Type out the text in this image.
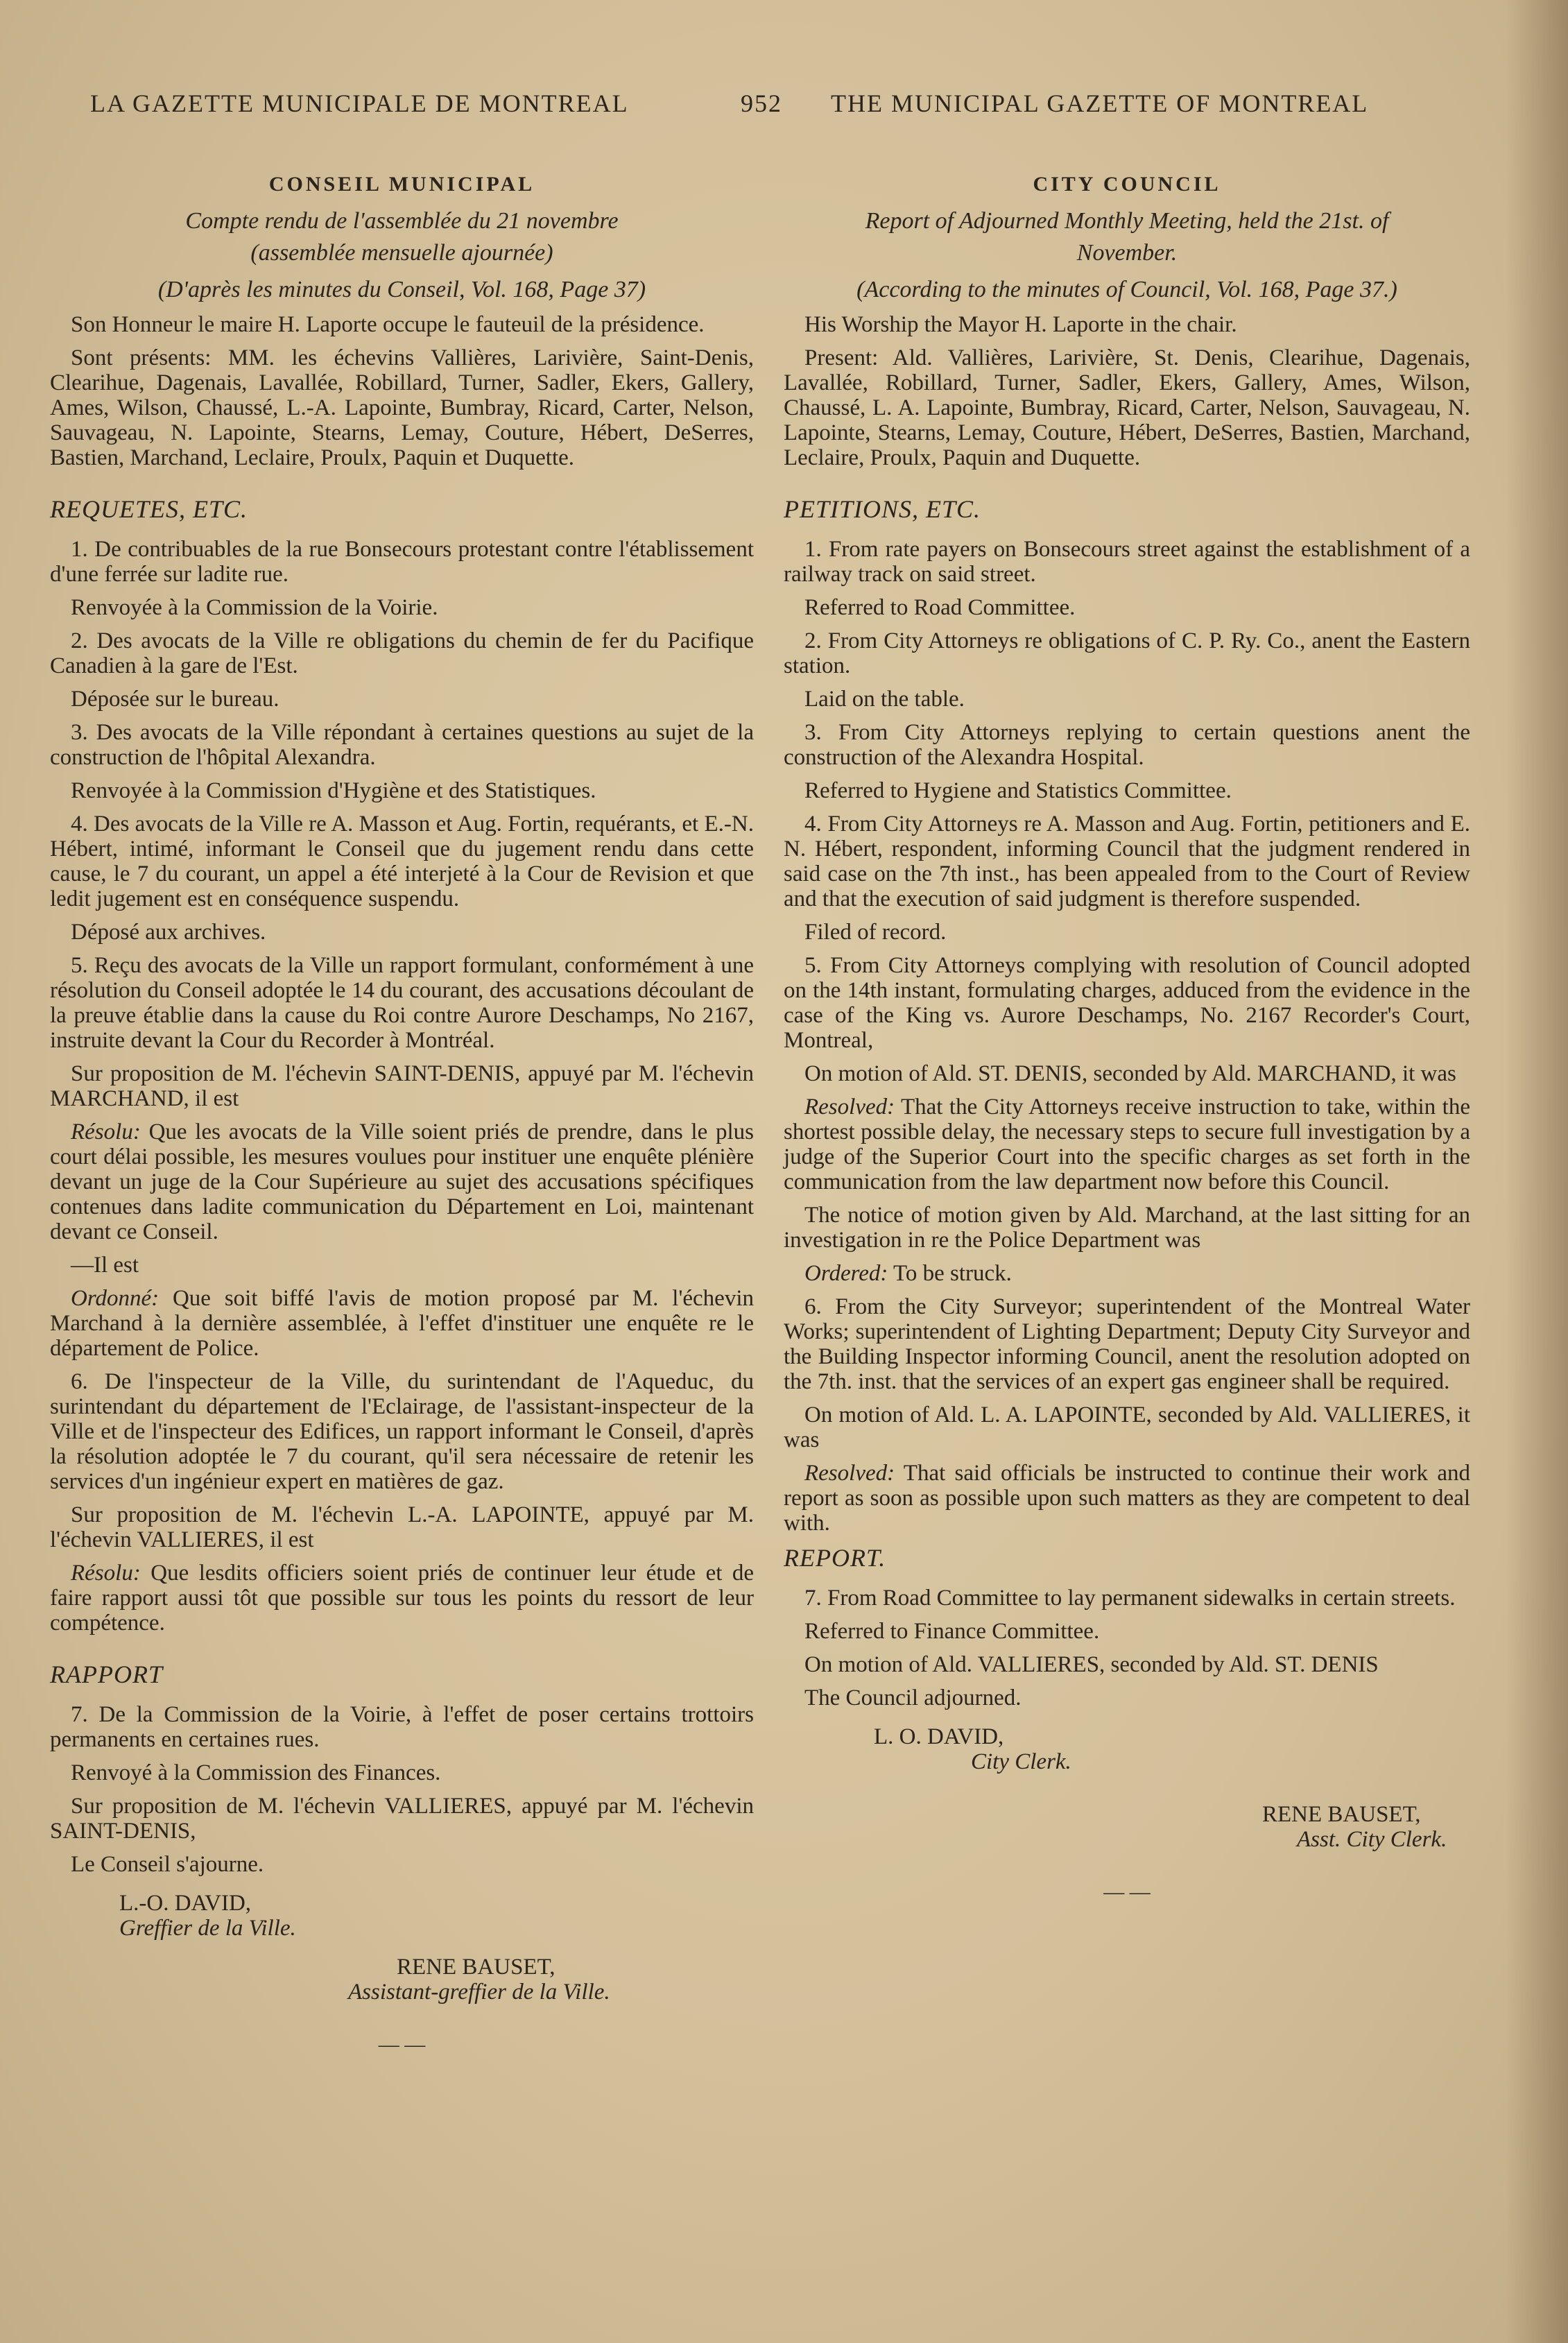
LA GAZETTE MUNICIPALE DE MONTREAL	952 THE MUNICIPAL GAZETTE OF MONTREAL
CONSEIL MUNICIPAL
Compte rendu de l'assemblée du 21 novembre
(assemblée mensuelle ajournée)
(D'après les minutes du Conseil, Vol. 168, Page 37)

Son Honneur le maire H. Laporte occupe le fauteuil de la présidence.

Sont présents: MM. les échevins Vallières, Larivière, Saint-Denis, Clearihue, Dagenais, Lavallée, Robillard, Turner, Sadler, Ekers, Gallery, Ames, Wilson, Chaussé, L.-A. Lapointe, Bumbray, Ricard, Carter, Nelson, Sauvageau, N. Lapointe, Stearns, Lemay, Couture, Hébert, DeSerres, Bastien, Marchand, Leclaire, Proulx, Paquin et Duquette.

REQUETES, ETC.

1. De contribuables de la rue Bonsecours protestant contre l'établissement d'une ferrée sur ladite rue.

Renvoyée à la Commission de la Voirie.

2. Des avocats de la Ville re obligations du chemin de fer du Pacifique Canadien à la gare de l'Est.

Déposée sur le bureau.

3. Des avocats de la Ville répondant à certaines questions au sujet de la construction de l'hôpital Alexandra.

Renvoyée à la Commission d'Hygiène et des Statistiques.

4. Des avocats de la Ville re A. Masson et Aug. Fortin, requérants, et E.-N. Hébert, intimé, informant le Conseil que du jugement rendu dans cette cause, le 7 du courant, un appel a été interjeté à la Cour de Revision et que ledit jugement est en conséquence suspendu.

Déposé aux archives.

5. Reçu des avocats de la Ville un rapport formulant, conformément à une résolution du Conseil adoptée le 14 du courant, des accusations découlant de la preuve établie dans la cause du Roi contre Aurore Deschamps, No 2167, instruite devant la Cour du Recorder à Montréal.

Sur proposition de M. l'échevin SAINT-DENIS, appuyé par M. l'échevin MARCHAND, il est

Résolu: Que les avocats de la Ville soient priés de prendre, dans le plus court délai possible, les mesures voulues pour instituer une enquête plénière devant un juge de la Cour Supérieure au sujet des accusations spécifiques contenues dans ladite communication du Département en Loi, maintenant devant ce Conseil.

—Il est

Ordonné: Que soit biffé l'avis de motion proposé par M. l'échevin Marchand à la dernière assemblée, à l'effet d'instituer une enquête re le département de Police.

6. De l'inspecteur de la Ville, du surintendant de l'Aqueduc, du surintendant du département de l'Eclairage, de l'assistant-inspecteur de la Ville et de l'inspecteur des Edifices, un rapport informant le Conseil, d'après la résolution adoptée le 7 du courant, qu'il sera nécessaire de retenir les services d'un ingénieur expert en matières de gaz.

Sur proposition de M. l'échevin L.-A. LAPOINTE, appuyé par M. l'échevin VALLIERES, il est

Résolu: Que lesdits officiers soient priés de continuer leur étude et de faire rapport aussi tôt que possible sur tous les points du ressort de leur compétence.

RAPPORT

7. De la Commission de la Voirie, à l'effet de poser certains trottoirs permanents en certaines rues.

Renvoyé à la Commission des Finances.

Sur proposition de M. l'échevin VALLIERES, appuyé par M. l'échevin SAINT-DENIS,

Le Conseil s'ajourne.

L.-O. DAVID,
Greffier de la Ville.
RENE BAUSET,
Assistant-greffier de la Ville.
— —
CITY COUNCIL
Report of Adjourned Monthly Meeting, held the 21st. of
November.
(According to the minutes of Council, Vol. 168, Page 37.)

His Worship the Mayor H. Laporte in the chair.

Present: Ald. Vallières, Larivière, St. Denis, Clearihue, Dagenais, Lavallée, Robillard, Turner, Sadler, Ekers, Gallery, Ames, Wilson, Chaussé, L. A. Lapointe, Bumbray, Ricard, Carter, Nelson, Sauvageau, N. Lapointe, Stearns, Lemay, Couture, Hébert, DeSerres, Bastien, Marchand, Leclaire, Proulx, Paquin and Duquette.

PETITIONS, ETC.

1. From rate payers on Bonsecours street against the establishment of a railway track on said street.

Referred to Road Committee.

2. From City Attorneys re obligations of C. P. Ry. Co., anent the Eastern station.

Laid on the table.

3. From City Attorneys replying to certain questions anent the construction of the Alexandra Hospital.

Referred to Hygiene and Statistics Committee.

4. From City Attorneys re A. Masson and Aug. Fortin, petitioners and E. N. Hébert, respondent, informing Council that the judgment rendered in said case on the 7th inst., has been appealed from to the Court of Review and that the execution of said judgment is therefore suspended.

Filed of record.

5. From City Attorneys complying with resolution of Council adopted on the 14th instant, formulating charges, adduced from the evidence in the case of the King vs. Aurore Deschamps, No. 2167 Recorder's Court, Montreal,

On motion of Ald. ST. DENIS, seconded by Ald. MARCHAND, it was

Resolved: That the City Attorneys receive instruction to take, within the shortest possible delay, the necessary steps to secure full investigation by a judge of the Superior Court into the specific charges as set forth in the communication from the law department now before this Council.

The notice of motion given by Ald. Marchand, at the last sitting for an investigation in re the Police Department was

Ordered: To be struck.

6. From the City Surveyor; superintendent of the Montreal Water Works; superintendent of Lighting Department; Deputy City Surveyor and the Building Inspector informing Council, anent the resolution adopted on the 7th. inst. that the services of an expert gas engineer shall be required.

On motion of Ald. L. A. LAPOINTE, seconded by Ald. VALLIERES, it was

Resolved: That said officials be instructed to continue their work and report as soon as possible upon such matters as they are competent to deal with.

REPORT.

7. From Road Committee to lay permanent sidewalks in certain streets.

Referred to Finance Committee.

On motion of Ald. VALLIERES, seconded by Ald. ST. DENIS

The Council adjourned.

L. O. DAVID,
City Clerk.
RENE BAUSET,
Asst. City Clerk.
— —
